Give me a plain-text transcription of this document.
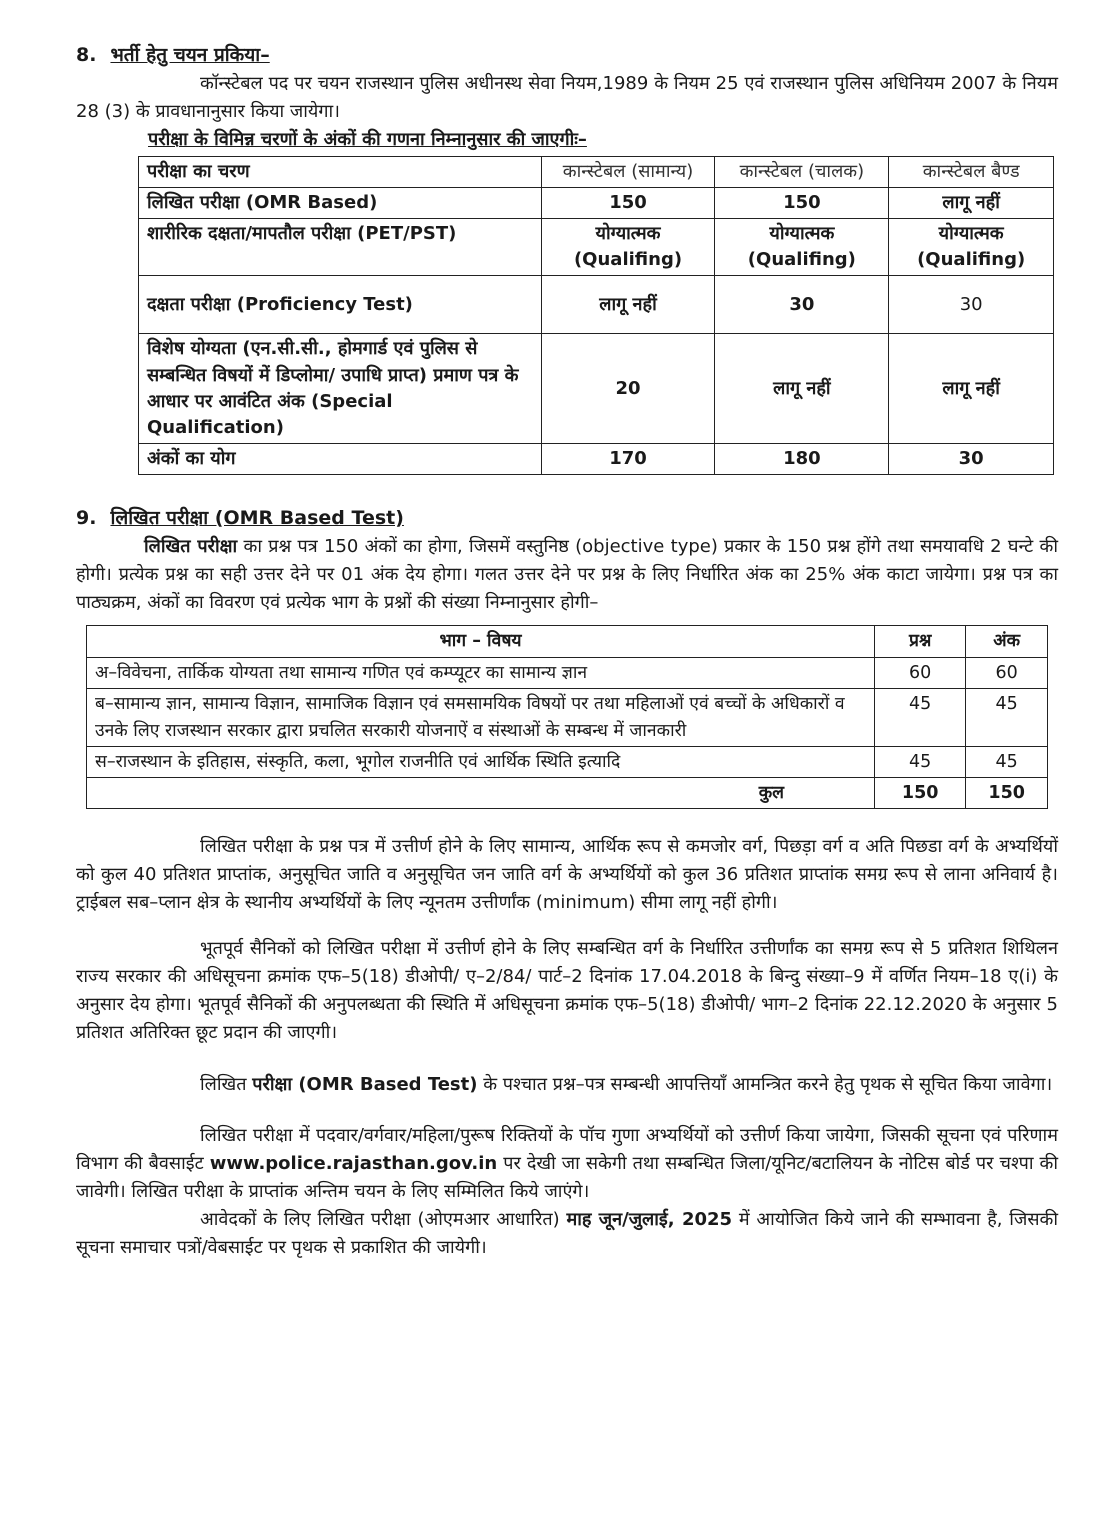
8. भर्ती हेतु चयन प्रकिया–

कॉन्स्टेबल पद पर चयन राजस्थान पुलिस अधीनस्थ सेवा नियम,1989 के नियम 25 एवं राजस्थान पुलिस अधिनियम 2007 के नियम 28 (3) के प्रावधानानुसार किया जायेगा।

परीक्षा के विमिन्न चरणों के अंकों की गणना निम्नानुसार की जाएगीः–
परीक्षा का चरण	कान्स्टेबल (सामान्य)	कान्स्टेबल (चालक)	कान्स्टेबल बैण्ड
लिखित परीक्षा (OMR Based)	150	150	लागू नहीं
शारीरिक दक्षता/मापतौल परीक्षा (PET/PST)	योग्यात्मक (Qualifing)	योग्यात्मक (Qualifing)	योग्यात्मक (Qualifing)
दक्षता परीक्षा (Proficiency Test)	लागू नहीं	30	30
विशेष योग्यता (एन.सी.सी., होमगार्ड एवं पुलिस से सम्बन्धित विषयों में डिप्लोमा/ उपाधि प्राप्त) प्रमाण पत्र के आधार पर आवंटित अंक (Special Qualification)	20	लागू नहीं	लागू नहीं
अंकों का योग	170	180	30
9. लिखित परीक्षा (OMR Based Test)

लिखित परीक्षा का प्रश्न पत्र 150 अंकों का होगा, जिसमें वस्तुनिष्ठ (objective type) प्रकार के 150 प्रश्न होंगे तथा समयावधि 2 घन्टे की होगी। प्रत्येक प्रश्न का सही उत्तर देने पर 01 अंक देय होगा। गलत उत्तर देने पर प्रश्न के लिए निर्धारित अंक का 25% अंक काटा जायेगा। प्रश्न पत्र का पाठ्यक्रम, अंकों का विवरण एवं प्रत्येक भाग के प्रश्नों की संख्या निम्नानुसार होगी–

भाग – विषय	प्रश्न	अंक
अ–विवेचना, तार्किक योग्यता तथा सामान्य गणित एवं कम्प्यूटर का सामान्य ज्ञान	60	60
ब–सामान्य ज्ञान, सामान्य विज्ञान, सामाजिक विज्ञान एवं समसामयिक विषयों पर तथा महिलाओं एवं बच्चों के अधिकारों व उनके लिए राजस्थान सरकार द्वारा प्रचलित सरकारी योजनाऐं व संस्थाओं के सम्बन्ध में जानकारी	45	45
स–राजस्थान के इतिहास, संस्कृति, कला, भूगोल राजनीति एवं आर्थिक स्थिति इत्यादि	45	45
कुल	150	150

लिखित परीक्षा के प्रश्न पत्र में उत्तीर्ण होने के लिए सामान्य, आर्थिक रूप से कमजोर वर्ग, पिछड़ा वर्ग व अति पिछडा वर्ग के अभ्यर्थियों को कुल 40 प्रतिशत प्राप्तांक, अनुसूचित जाति व अनुसूचित जन जाति वर्ग के अभ्यर्थियों को कुल 36 प्रतिशत प्राप्तांक समग्र रूप से लाना अनिवार्य है। ट्राईबल सब–प्लान क्षेत्र के स्थानीय अभ्यर्थियों के लिए न्यूनतम उत्तीर्णांक (minimum) सीमा लागू नहीं होगी।

भूतपूर्व सैनिकों को लिखित परीक्षा में उत्तीर्ण होने के लिए सम्बन्धित वर्ग के निर्धारित उत्तीर्णांक का समग्र रूप से 5 प्रतिशत शिथिलन राज्य सरकार की अधिसूचना क्रमांक एफ–5(18) डीओपी/ ए–2/84/ पार्ट–2 दिनांक 17.04.2018 के बिन्दु संख्या–9 में वर्णित नियम–18 ए(i) के अनुसार देय होगा। भूतपूर्व सैनिकों की अनुपलब्धता की स्थिति में अधिसूचना क्रमांक एफ–5(18) डीओपी/ भाग–2 दिनांक 22.12.2020 के अनुसार 5 प्रतिशत अतिरिक्त छूट प्रदान की जाएगी।

लिखित परीक्षा (OMR Based Test) के पश्चात प्रश्न–पत्र सम्बन्धी आपत्तियाँ आमन्त्रित करने हेतु पृथक से सूचित किया जावेगा।

लिखित परीक्षा में पदवार/वर्गवार/महिला/पुरूष रिक्तियों के पॉच गुणा अभ्यर्थियों को उत्तीर्ण किया जायेगा, जिसकी सूचना एवं परिणाम विभाग की बैवसाईट www.police.rajasthan.gov.in पर देखी जा सकेगी तथा सम्बन्धित जिला/यूनिट/बटालियन के नोटिस बोर्ड पर चश्पा की जावेगी। लिखित परीक्षा के प्राप्तांक अन्तिम चयन के लिए सम्मिलित किये जाएंगे।

आवेदकों के लिए लिखित परीक्षा (ओएमआर आधारित) माह जून/जुलाई, 2025 में आयोजित किये जाने की सम्भावना है, जिसकी सूचना समाचार पत्रों/वेबसाईट पर पृथक से प्रकाशित की जायेगी।
